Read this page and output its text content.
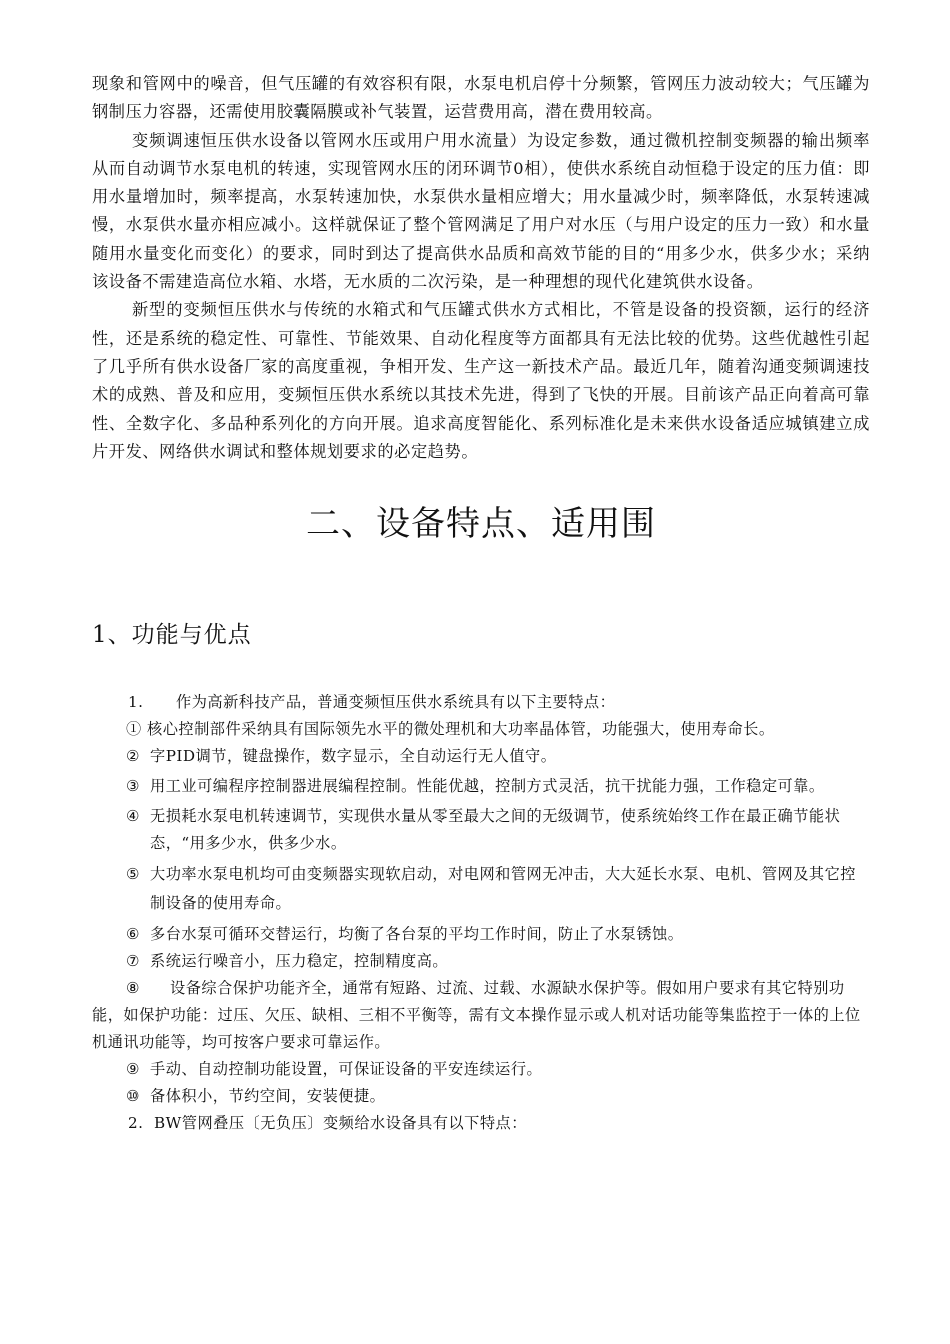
现象和管网中的噪音，但气压罐的有效容积有限，水泵电机启停十分频繁，管网压力波动较大；气压罐为钢制压力容器，还需使用胶囊隔膜或补气装置，运营费用高，潜在费用较高。

变频调速恒压供水设备以管网水压或用户用水流量）为设定参数，通过微机控制变频器的输出频率从而自动调节水泵电机的转速，实现管网水压的闭环调节0相），使供水系统自动恒稳于设定的压力值：即用水量增加时，频率提高，水泵转速加快，水泵供水量相应增大；用水量减少时，频率降低，水泵转速减慢，水泵供水量亦相应减小。这样就保证了整个管网满足了用户对水压（与用户设定的压力一致）和水量随用水量变化而变化）的要求，同时到达了提高供水品质和高效节能的目的“用多少水，供多少水；采纳该设备不需建造高位水箱、水塔，无水质的二次污染，是一种理想的现代化建筑供水设备。

新型的变频恒压供水与传统的水箱式和气压罐式供水方式相比，不管是设备的投资额，运行的经济性，还是系统的稳定性、可靠性、节能效果、自动化程度等方面都具有无法比较的优势。这些优越性引起了几乎所有供水设备厂家的高度重视，争相开发、生产这一新技术产品。最近几年，随着沟通变频调速技术的成熟、普及和应用，变频恒压供水系统以其技术先进，得到了飞快的开展。目前该产品正向着高可靠性、全数字化、多品种系列化的方向开展。追求高度智能化、系列标准化是未来供水设备适应城镇建立成片开发、网络供水调试和整体规划要求的必定趋势。

二、设备特点、适用围
1、功能与优点

1.	作为高新科技产品，普通变频恒压供水系统具有以下主要特点：

① 核心控制部件采纳具有国际领先水平的微处理机和大功率晶体管，功能强大，使用寿命长。

② 字PID调节，键盘操作，数字显示，全自动运行无人值守。

③ 用工业可编程序控制器进展编程控制。性能优越，控制方式灵活，抗干扰能力强，工作稳定可靠。

④ 无损耗水泵电机转速调节，实现供水量从零至最大之间的无级调节，使系统始终工作在最正确节能状态，“用多少水，供多少水。

⑤ 大功率水泵电机均可由变频器实现软启动，对电网和管网无冲击，大大延长水泵、电机、管网及其它控制设备的使用寿命。

⑥ 多台水泵可循环交替运行，均衡了各台泵的平均工作时间，防止了水泵锈蚀。

⑦ 系统运行噪音小，压力稳定，控制精度高。

⑧ 设备综合保护功能齐全，通常有短路、过流、过载、水源缺水保护等。假如用户要求有其它特别功能，如保护功能：过压、欠压、缺相、三相不平衡等，需有文本操作显示或人机对话功能等集监控于一体的上位机通讯功能等，均可按客户要求可靠运作。

⑨ 手动、自动控制功能设置，可保证设备的平安连续运行。

⑩ 备体积小，节约空间，安装便捷。

2. BW管网叠压〔无负压〕变频给水设备具有以下特点：
